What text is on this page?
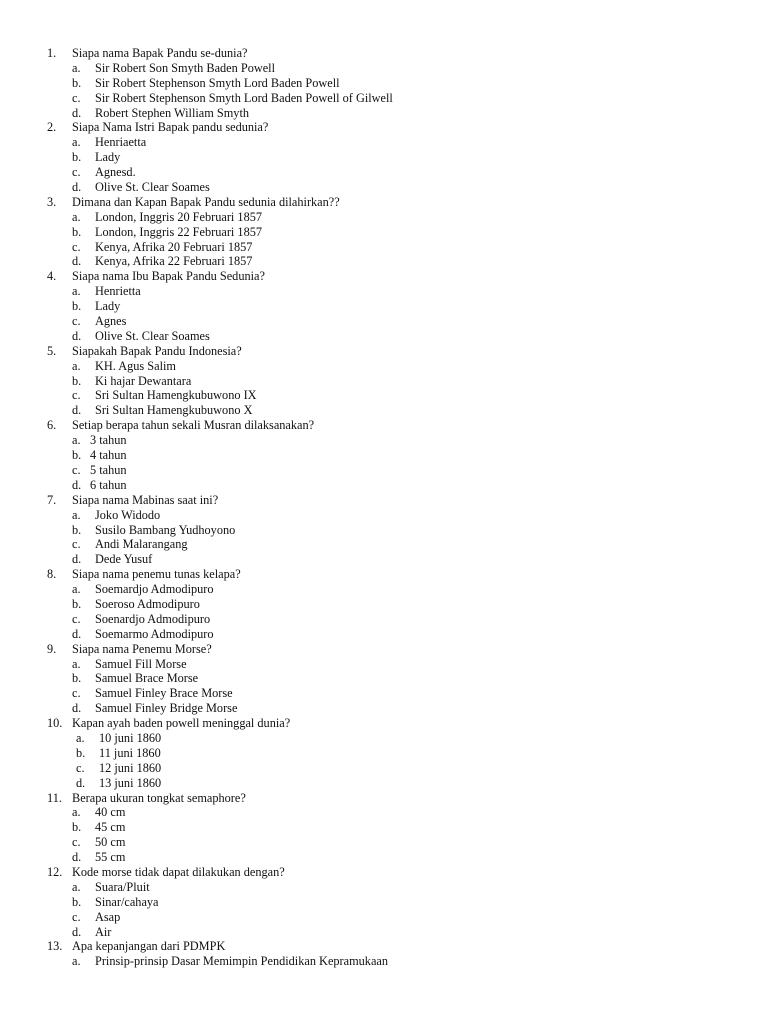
1. Siapa nama Bapak Pandu se-dunia?
a. Sir Robert Son Smyth Baden Powell
b. Sir Robert Stephenson Smyth Lord Baden Powell
c. Sir Robert Stephenson Smyth Lord Baden Powell of Gilwell
d. Robert Stephen William Smyth
2. Siapa Nama Istri Bapak pandu sedunia?
a. Henriaetta
b. Lady
c. Agnesd.
d. Olive St. Clear Soames
3. Dimana dan Kapan Bapak Pandu sedunia dilahirkan??
a. London, Inggris 20 Februari 1857
b. London, Inggris 22 Februari 1857
c. Kenya, Afrika 20 Februari 1857
d. Kenya, Afrika 22 Februari 1857
4. Siapa nama Ibu Bapak Pandu Sedunia?
a. Henrietta
b. Lady
c. Agnes
d. Olive St. Clear Soames
5. Siapakah Bapak Pandu Indonesia?
a. KH. Agus Salim
b. Ki hajar Dewantara
c. Sri Sultan Hamengkubuwono IX
d. Sri Sultan Hamengkubuwono X
6. Setiap berapa tahun sekali Musran dilaksanakan?
a. 3 tahun
b. 4 tahun
c. 5 tahun
d. 6 tahun
7. Siapa nama Mabinas saat ini?
a. Joko Widodo
b. Susilo Bambang Yudhoyono
c. Andi Malarangang
d. Dede Yusuf
8. Siapa nama penemu tunas kelapa?
a. Soemardjo Admodipuro
b. Soeroso Admodipuro
c. Soenardjo Admodipuro
d. Soemarmo Admodipuro
9. Siapa nama Penemu Morse?
a. Samuel Fill Morse
b. Samuel Brace Morse
c. Samuel Finley Brace Morse
d. Samuel Finley Bridge Morse
10. Kapan ayah baden powell meninggal dunia?
a. 10 juni 1860
b. 11 juni 1860
c. 12 juni 1860
d. 13 juni 1860
11. Berapa ukuran tongkat semaphore?
a. 40 cm
b. 45 cm
c. 50 cm
d. 55 cm
12. Kode morse tidak dapat dilakukan dengan?
a. Suara/Pluit
b. Sinar/cahaya
c. Asap
d. Air
13. Apa kepanjangan dari PDMPK
a. Prinsip-prinsip Dasar Memimpin Pendidikan Kepramukaan
